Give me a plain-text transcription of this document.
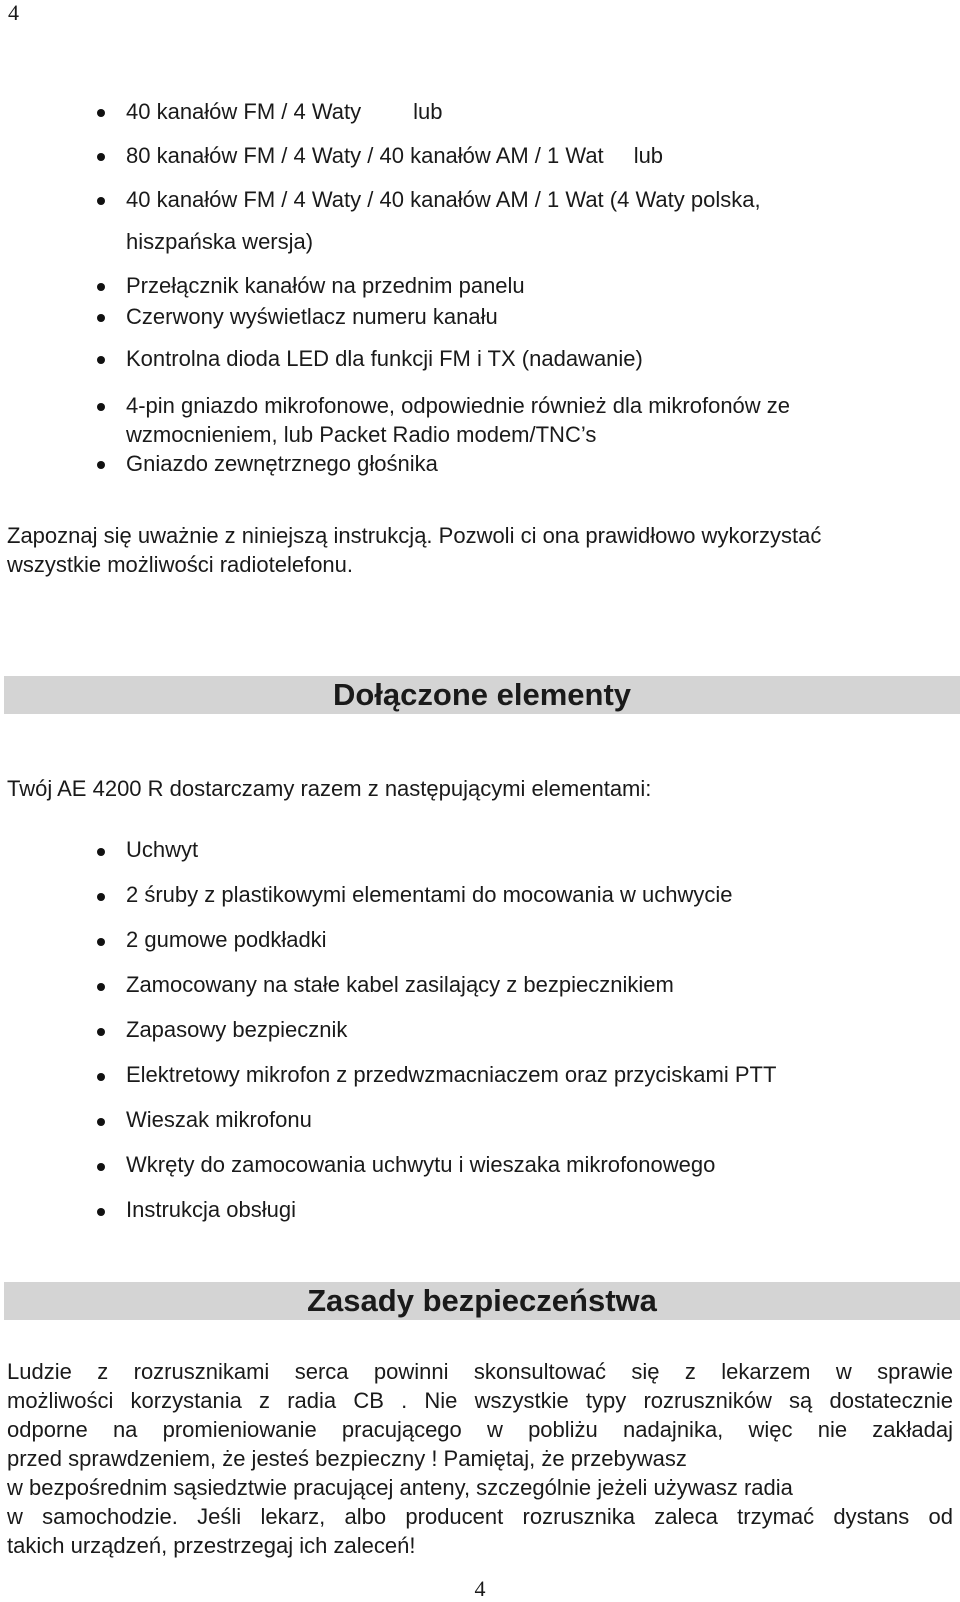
4
40 kanałów FM / 4 Waty lub
80 kanałów FM / 4 Waty / 40 kanałów AM / 1 Wat lub
40 kanałów FM / 4 Waty / 40 kanałów AM / 1 Wat (4 Waty polska,
hiszpańska wersja)
Przełącznik kanałów na przednim panelu
Czerwony wyświetlacz numeru kanału
Kontrolna dioda LED dla funkcji FM i TX (nadawanie)
4-pin gniazdo mikrofonowe, odpowiednie również dla mikrofonów ze
wzmocnieniem, lub Packet Radio modem/TNC’s
Gniazdo zewnętrznego głośnika
Zapoznaj się uważnie z niniejszą instrukcją. Pozwoli ci ona prawidłowo wykorzystać
wszystkie możliwości radiotelefonu.
Dołączone elementy
Twój AE 4200 R dostarczamy razem z następującymi elementami:
Uchwyt
2 śruby z plastikowymi elementami do mocowania w uchwycie
2 gumowe podkładki
Zamocowany na stałe kabel zasilający z bezpiecznikiem
Zapasowy bezpiecznik
Elektretowy mikrofon z przedwzmacniaczem oraz przyciskami PTT
Wieszak mikrofonu
Wkręty do zamocowania uchwytu i wieszaka mikrofonowego
Instrukcja obsługi
Zasady bezpieczeństwa
Ludzie z rozrusznikami serca powinni skonsultować się z lekarzem w sprawie
możliwości korzystania z radia CB . Nie wszystkie typy rozruszników są dostatecznie
odporne na promieniowanie pracującego w pobliżu nadajnika, więc nie zakładaj
przed sprawdzeniem, że jesteś bezpieczny ! Pamiętaj, że przebywasz
w bezpośrednim sąsiedztwie pracującej anteny, szczególnie jeżeli używasz radia
w samochodzie. Jeśli lekarz, albo producent rozrusznika zaleca trzymać dystans od
takich urządzeń, przestrzegaj ich zaleceń!
4
